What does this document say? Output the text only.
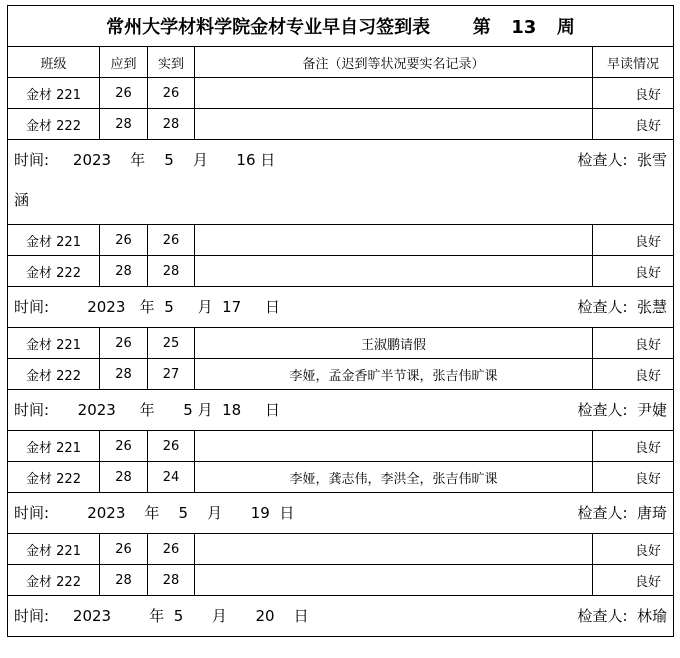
常州大学材料学院金材专业早自习签到表 第 13 周				
班级	应到	实到	备注（迟到等状况要实名记录）	早读情况
金材 221	26	26		良好
金材 222	28	28		良好

时间:     2023    年    5    月      16 日 检查人:  张雪
涵				

金材 221	26	26		良好
金材 222	28	28		良好

时间:        2023   年  5     月  17     日 检查人:  张慧				

金材 221	26	25	王淑鹏请假	良好
金材 222	28	27	李娅，孟金香旷半节课，张吉伟旷课	良好

时间:      2023     年      5 月  18     日 检查人:  尹婕				

金材 221	26	26		良好
金材 222	28	24	李娅，龚志伟，李洪全，张吉伟旷课	良好

时间:        2023    年    5    月      19  日 检查人:  唐琦				

金材 221	26	26		良好
金材 222	28	28		良好

时间:     2023        年  5      月      20    日 检查人:  林瑜				
